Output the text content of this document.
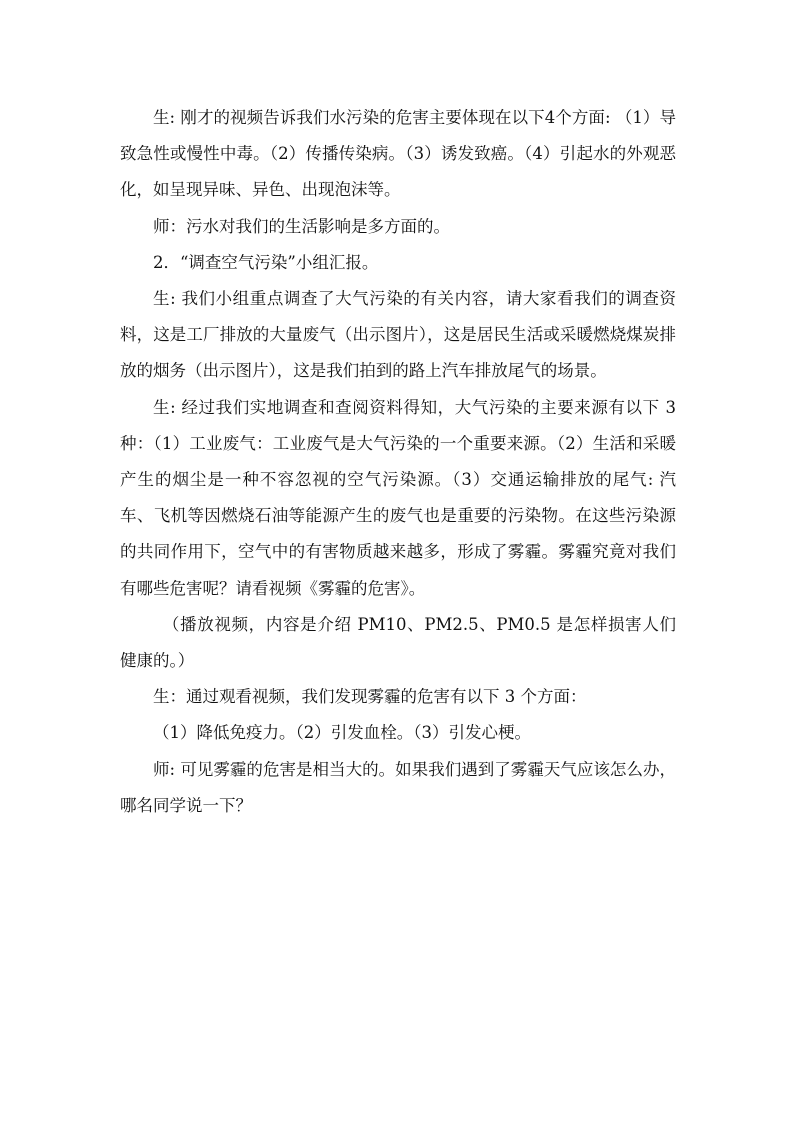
生: 刚才的视频告诉我们水污染的危害主要体现在以下4个方面: （1）导致急性或慢性中毒。（2）传播传染病。（3）诱发致癌。（4）引起水的外观恶化，如呈现异味、异色、出现泡沫等。

师：污水对我们的生活影响是多方面的。

2．“调查空气污染”小组汇报。

生: 我们小组重点调查了大气污染的有关内容，请大家看我们的调查资料，这是工厂排放的大量废气（出示图片），这是居民生活或采暖燃烧煤炭排放的烟务（出示图片），这是我们拍到的路上汽车排放尾气的场景。

生: 经过我们实地调查和查阅资料得知，大气污染的主要来源有以下 3 种：（1）工业废气：工业废气是大气污染的一个重要来源。（2）生活和采暖产生的烟尘是一种不容忽视的空气污染源。（3）交通运输排放的尾气: 汽车、飞机等因燃烧石油等能源产生的废气也是重要的污染物。在这些污染源的共同作用下，空气中的有害物质越来越多，形成了雾霾。雾霾究竟对我们有哪些危害呢？请看视频《雾霾的危害》。

（播放视频，内容是介绍 PM10、PM2.5、PM0.5 是怎样损害人们健康的。）

生：通过观看视频，我们发现雾霾的危害有以下 3 个方面：

（1）降低免疫力。（2）引发血栓。（3）引发心梗。

师: 可见雾霾的危害是相当大的。如果我们遇到了雾霾天气应该怎么办，哪名同学说一下？
